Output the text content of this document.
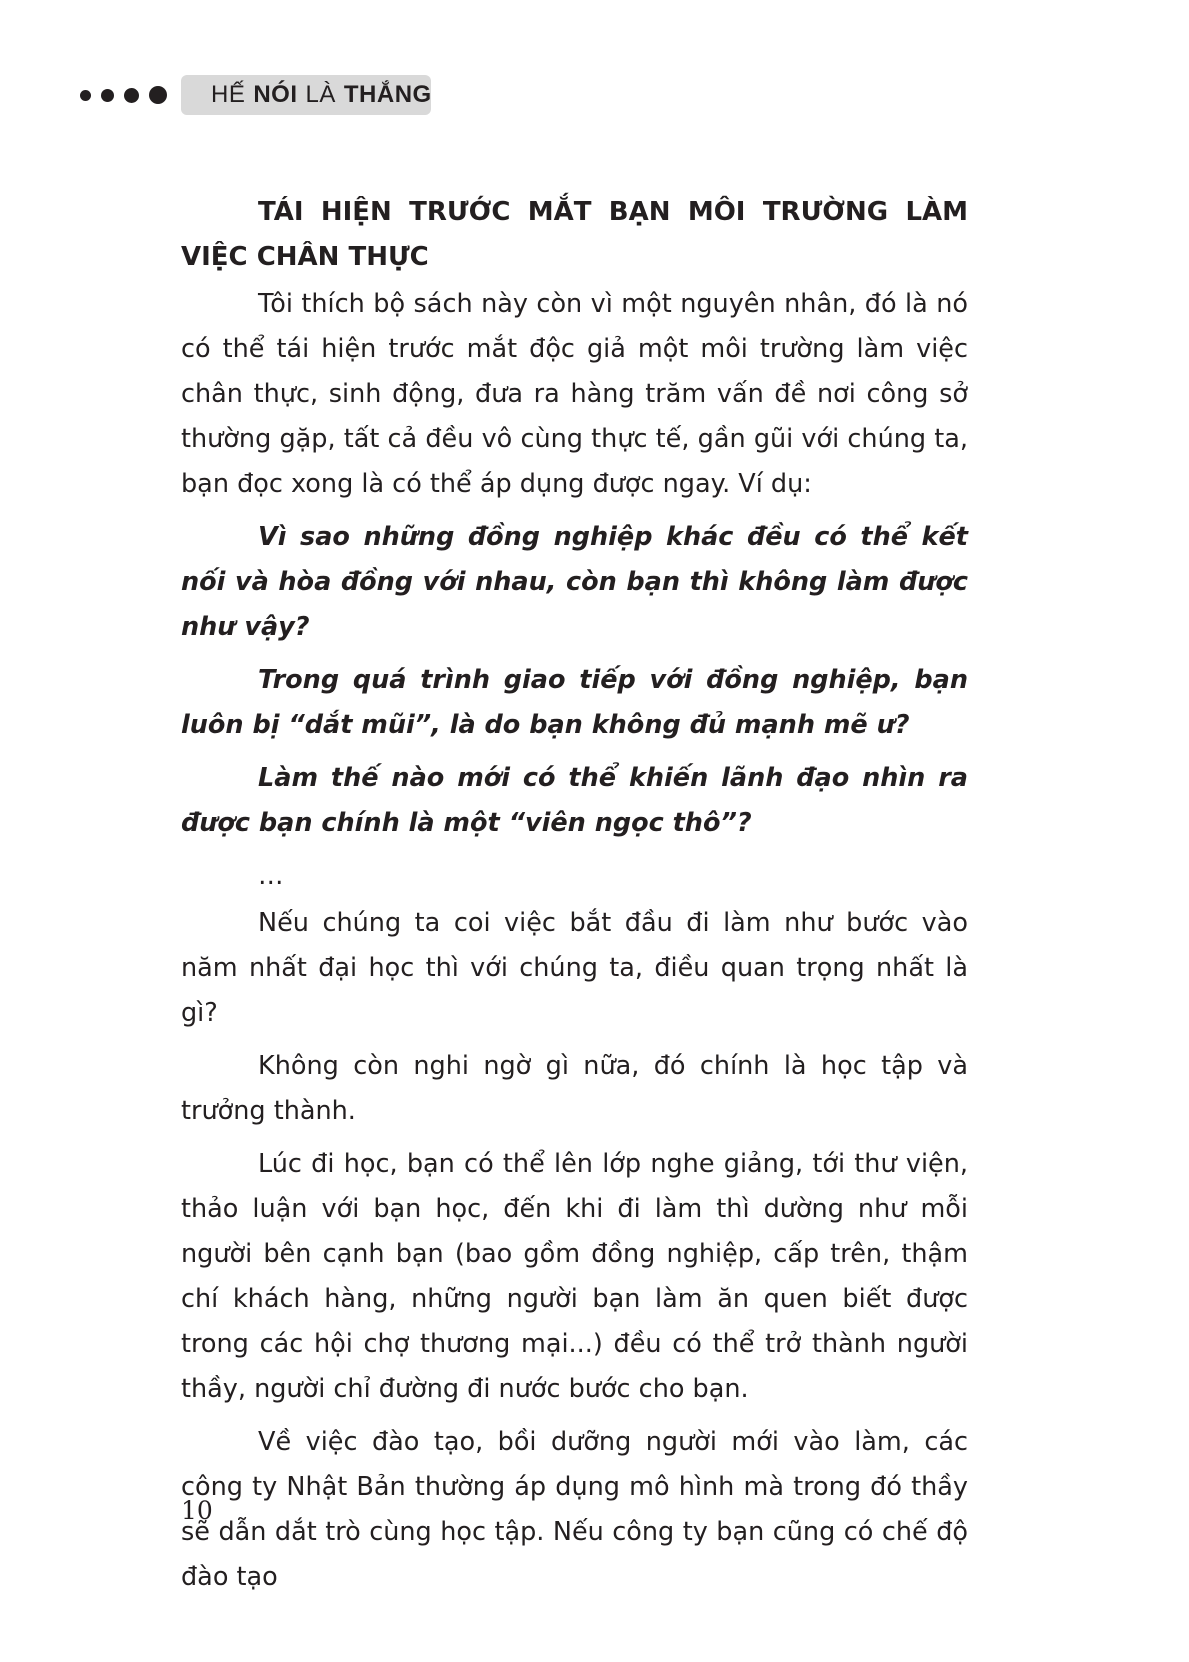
HẾ NÓI LÀ THẮNG

TÁI HIỆN TRƯỚC MẮT BẠN MÔI TRƯỜNG LÀM VIỆC CHÂN THỰC

Tôi thích bộ sách này còn vì một nguyên nhân, đó là nó có thể tái hiện trước mắt độc giả một môi trường làm việc chân thực, sinh động, đưa ra hàng trăm vấn đề nơi công sở thường gặp, tất cả đều vô cùng thực tế, gần gũi với chúng ta, bạn đọc xong là có thể áp dụng được ngay. Ví dụ:

Vì sao những đồng nghiệp khác đều có thể kết nối và hòa đồng với nhau, còn bạn thì không làm được như vậy?

Trong quá trình giao tiếp với đồng nghiệp, bạn luôn bị “dắt mũi”, là do bạn không đủ mạnh mẽ ư?

Làm thế nào mới có thể khiến lãnh đạo nhìn ra được bạn chính là một “viên ngọc thô”?

…

Nếu chúng ta coi việc bắt đầu đi làm như bước vào năm nhất đại học thì với chúng ta, điều quan trọng nhất là gì?

Không còn nghi ngờ gì nữa, đó chính là học tập và trưởng thành.

Lúc đi học, bạn có thể lên lớp nghe giảng, tới thư viện, thảo luận với bạn học, đến khi đi làm thì dường như mỗi người bên cạnh bạn (bao gồm đồng nghiệp, cấp trên, thậm chí khách hàng, những người bạn làm ăn quen biết được trong các hội chợ thương mại...) đều có thể trở thành người thầy, người chỉ đường đi nước bước cho bạn.

Về việc đào tạo, bồi dưỡng người mới vào làm, các công ty Nhật Bản thường áp dụng mô hình mà trong đó thầy sẽ dẫn dắt trò cùng học tập. Nếu công ty bạn cũng có chế độ đào tạo

10
